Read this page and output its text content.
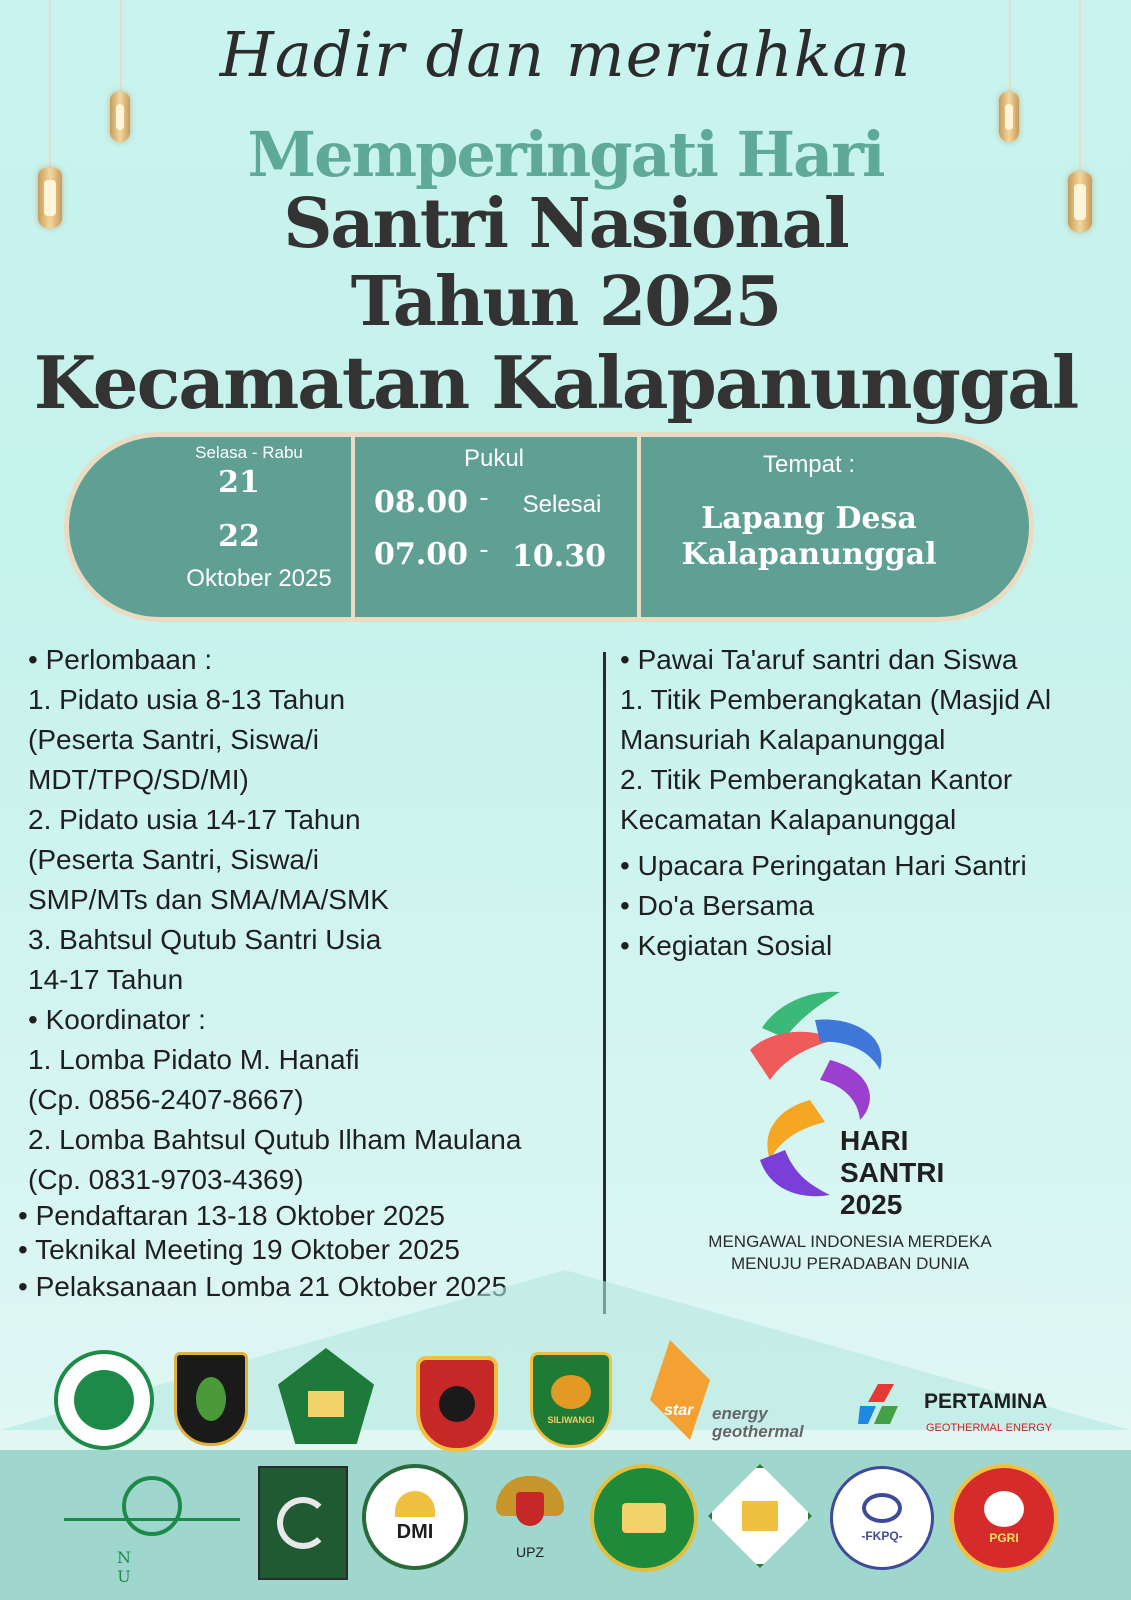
Hadir dan meriahkan
Memperingati Hari
Santri Nasional
Tahun 2025
Kecamatan Kalapanunggal
Selasa - Rabu
21
22
Oktober 2025
Pukul
08.00 -	Selesai
07.00 - 10.30
Tempat :
Lapang Desa
Kalapanunggal
• Perlombaan :
1. Pidato usia 8-13 Tahun
(Peserta Santri, Siswa/i
MDT/TPQ/SD/MI)
2. Pidato usia 14-17 Tahun
(Peserta Santri, Siswa/i
SMP/MTs dan SMA/MA/SMK
3. Bahtsul Qutub Santri Usia
14-17 Tahun
• Koordinator :
1. Lomba Pidato M. Hanafi
(Cp. 0856-2407-8667)
2. Lomba Bahtsul Qutub Ilham Maulana
(Cp. 0831-9703-4369)
• Pendaftaran 13-18 Oktober 2025
• Teknikal Meeting 19 Oktober 2025
• Pelaksanaan Lomba 21 Oktober 2025
• Pawai Ta'aruf santri dan Siswa
1. Titik Pemberangkatan (Masjid Al
Mansuriah Kalapanunggal
2. Titik Pemberangkatan Kantor
Kecamatan Kalapanunggal
• Upacara Peringatan Hari Santri
• Do'a Bersama
• Kegiatan Sosial
HARI
SANTRI
2025
MENGAWAL INDONESIA MERDEKA
MENUJU PERADABAN DUNIA
SILIWANGI
star energy
geothermal
PERTAMINA
GEOTHERMAL ENERGY
N U
DMI
UPZ
-FKPQ-	PGRI
